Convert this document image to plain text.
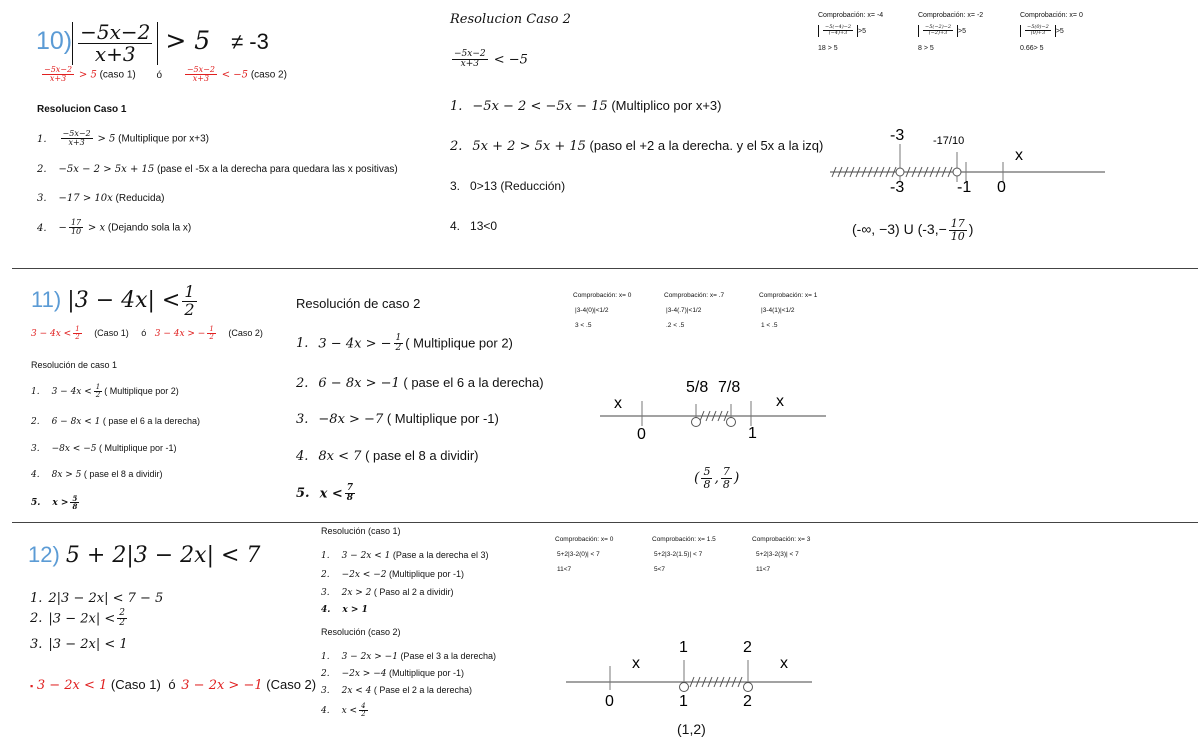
$10) \frac{-5x-2}{x+3} > 5 \ne -3$
$\frac{-5x-2}{x+3} > 5$ (caso 1) ó	$\frac{-5x-2}{x+3} < -5$ (caso 2)
Resolucion Caso 1
1. $\frac{-5x-2}{x+3} > 5$ (Multiplique por x+3)
2. −5x − 2 > 5x + 15 (pase el -5x a la derecha para quedara las x positivas)
3. −17 > 10x (Reducida)
4. − $\frac{17}{10} > x$ (Dejando sola la x)
Resolucion Caso 2
$\frac{-5x-2}{x+3} < -5$
1. −5x − 2 < −5x − 15 (Multiplico por x+3)
2. 5x + 2 > 5x + 15 (paso el +2 a la derecha. y el 5x a la izq)
3. 0>13 (Reducción)
4. 13<0
Comprobación: x= -4
$\frac{-5(-4)-2}{(-4)+3} >5$
18 > 5
Comprobación: x= -2
$\frac{-5(-2)-2}{(-2)+3} >5$
8 > 5
Comprobación: x= 0
$\frac{-5(0)-2}{(0)+3} >5$
0.66> 5
-3	-17/10
x
-3	-1 0
(-∞, −3) U ($-3,- \frac{17}{10}$ )
11) $|3 - 4x| < \frac{1}{2}$
$3 - 4x < \frac{1}{2}$ (Caso 1) ó 3 − 4x > − $\frac{1}{2}$ (Caso 2)
Resolución de caso 1
1. $3 - 4x < \frac{1}{2}$ ( Multiplique por 2)
2. 6 − 8x < 1 ( pase el 6 a la derecha)
3. −8x < −5 ( Multiplique por -1)
4. 8x > 5 ( pase el 8 a dividir)
5. $x > \frac{5}{8}$
Resolución de caso 2
1. 3 − 4x > − $\frac{1}{2}$ ( Multiplique por 2)
2. 6 − 8x > −1 ( pase el 6 a la derecha)
3. −8x > −7 ( Multiplique por -1)
4. 8x < 7 ( pase el 8 a dividir)
5. $x < \frac{7}{8}$
Comprobación: x= 0
|3-4(0)|<1/2
3 < .5
Comprobación: x= .7
|3-4(.7)|<1/2
.2 < .5
Comprobación: x= 1
|3-4(1)|<1/2
1 < .5
5/8 7/8
x	x
0	1
( $\frac{5}{8}$ , $\frac{7}{8}$ )
12) 5 + 2|3 − 2x| < 7
1. 2|3 − 2x| < 7 − 5
2. $|3 - 2x| < \frac{2}{2}$
3. |3 − 2x| < 1
▪ 3 − 2x < 1 (Caso 1) ó 3 − 2x > −1 (Caso 2)
Resolución (caso 1)
1. 3 − 2x < 1 (Pase a la derecha el 3)
2. −2x < −2 (Multiplique por -1)
3. 2x > 2 ( Paso al 2 a dividir)
4. x > 1
Resolución (caso 2)
1. 3 − 2x > −1 (Pase el 3 a la derecha)
2. −2x > −4 (Multiplique por -1)
3. 2x < 4 ( Pase el 2 a la derecha)
4. $x < \frac{4}{2}$
Comprobación: x= 0
5+2|3-2(0)| < 7
11<7
Comprobación: x= 1.5
5+2|3-2(1.5)| < 7
5<7
Comprobación: x= 3
5+2|3-2(3)| < 7
11<7
1	2
x	x
0	1	2
(1,2)
